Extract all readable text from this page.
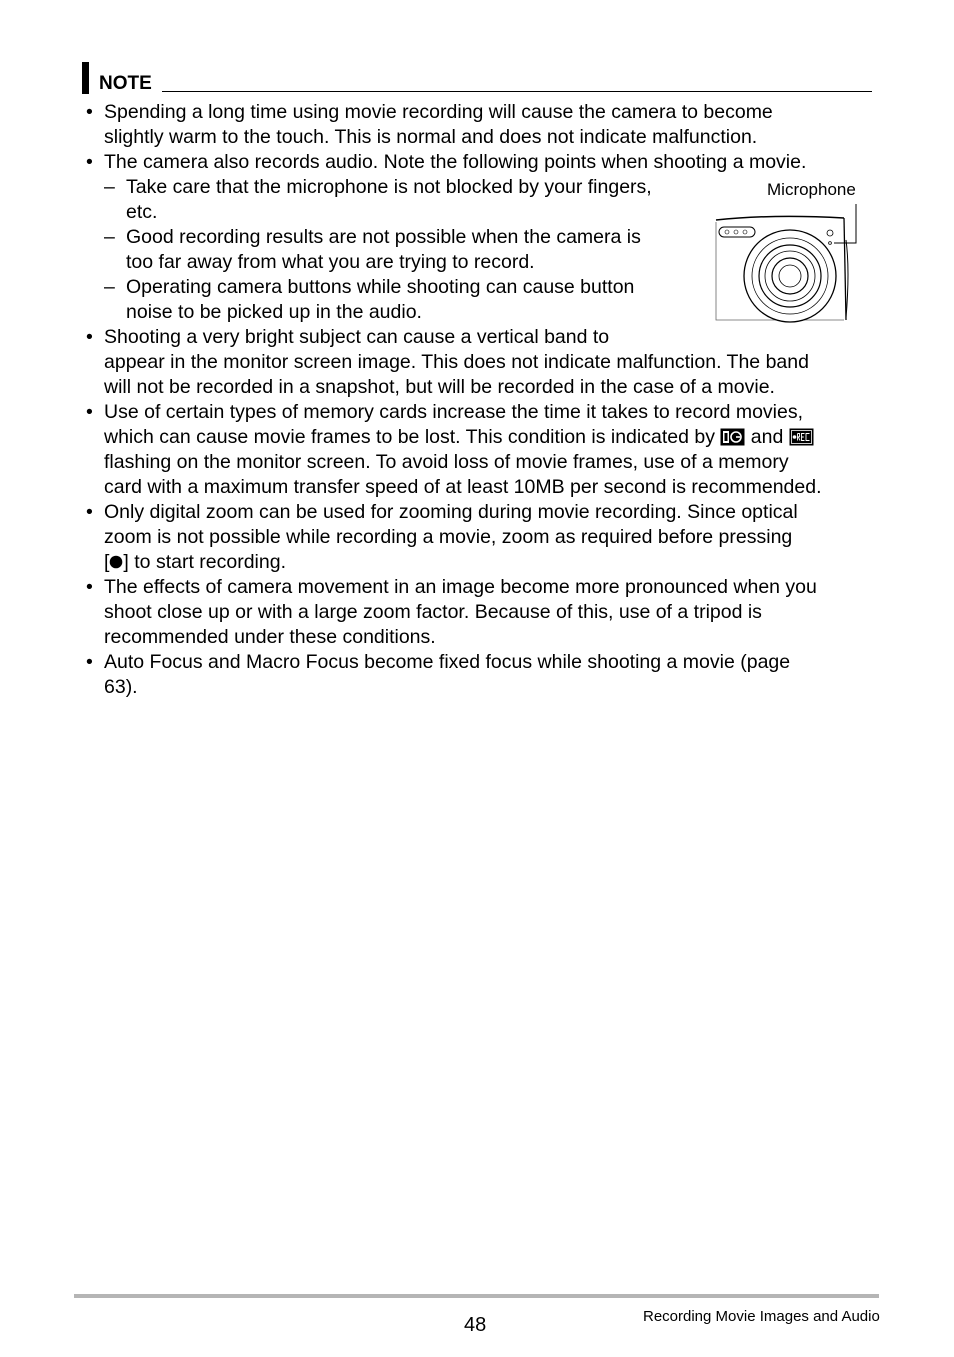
NOTE
• Spending a long time using movie recording will cause the camera to become
slightly warm to the touch. This is normal and does not indicate malfunction.
• The camera also records audio. Note the following points when shooting a movie.
– Take care that the microphone is not blocked by your fingers,
etc.
– Good recording results are not possible when the camera is
too far away from what you are trying to record.
– Operating camera buttons while shooting can cause button
noise to be picked up in the audio.
• Shooting a very bright subject can cause a vertical band to
appear in the monitor screen image. This does not indicate malfunction. The band
will not be recorded in a snapshot, but will be recorded in the case of a movie.
• Use of certain types of memory cards increase the time it takes to record movies,
which can cause movie frames to be lost. This condition is indicated by and
flashing on the monitor screen. To avoid loss of movie frames, use of a memory
card with a maximum transfer speed of at least 10MB per second is recommended.
• Only digital zoom can be used for zooming during movie recording. Since optical
zoom is not possible while recording a movie, zoom as required before pressing
[ ] to start recording.
• The effects of camera movement in an image become more pronounced when you
shoot close up or with a large zoom factor. Because of this, use of a tripod is
recommended under these conditions.
• Auto Focus and Macro Focus become fixed focus while shooting a movie (page
63).
Microphone
48	Recording Movie Images and Audio
